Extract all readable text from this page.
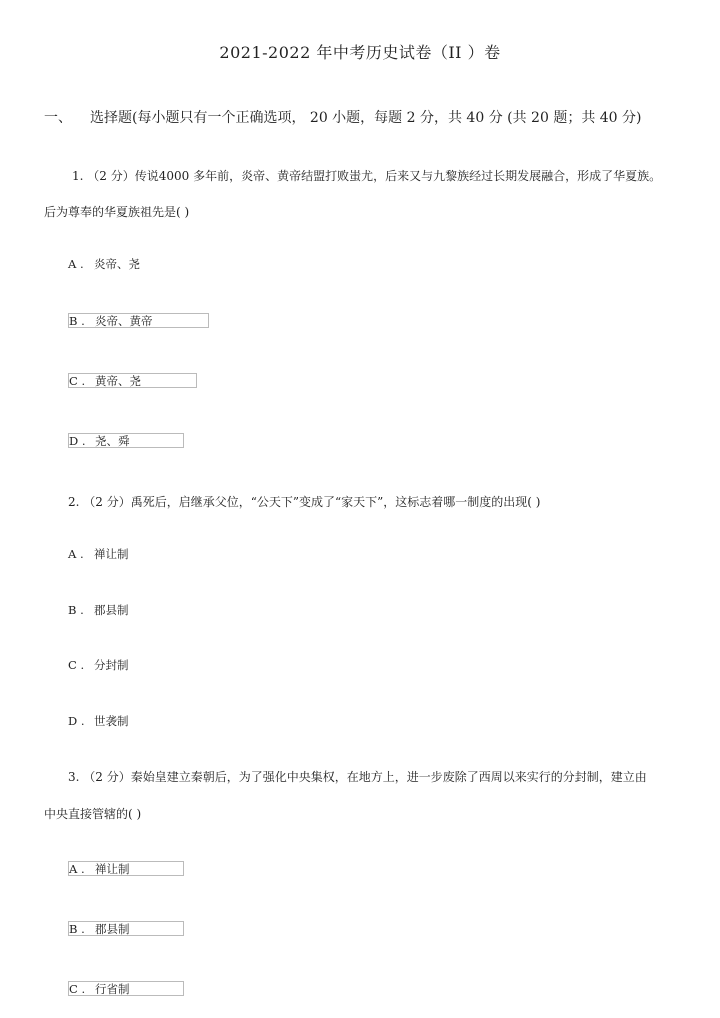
2021-2022 年中考历史试卷（II ）卷
一、 选择题(每小题只有一个正确选项， 20 小题，每题 2 分，共 40 分 (共 20 题；共 40 分)
1. （2 分）传说4000 多年前，炎帝、黄帝结盟打败蚩尤，后来又与九黎族经过长期发展融合，形成了华夏族。
后为尊奉的华夏族祖先是( )
A . 炎帝、尧
B . 炎帝、黄帝
C . 黄帝、尧
D . 尧、舜
2. （2 分）禹死后，启继承父位，“公天下”变成了“家天下”，这标志着哪一制度的出现( )
A . 禅让制
B . 郡县制
C . 分封制
D . 世袭制
3. （2 分）秦始皇建立秦朝后，为了强化中央集权，在地方上，进一步废除了西周以来实行的分封制，建立由
中央直接管辖的( )
A . 禅让制
B . 郡县制
C . 行省制
